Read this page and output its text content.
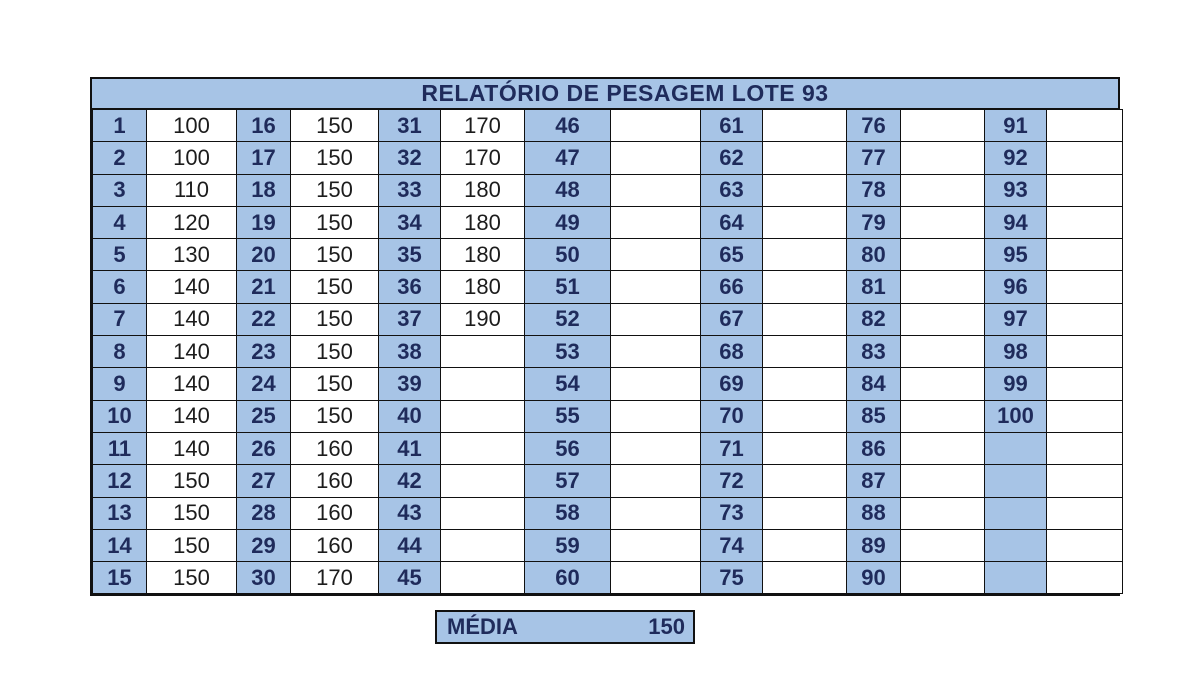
RELATÓRIO DE PESAGEM LOTE 93
1	100	16	150	31	170	46		61		76		91	
2	100	17	150	32	170	47		62		77		92	
3	110	18	150	33	180	48		63		78		93	
4	120	19	150	34	180	49		64		79		94	
5	130	20	150	35	180	50		65		80		95	
6	140	21	150	36	180	51		66		81		96	
7	140	22	150	37	190	52		67		82		97	
8	140	23	150	38		53		68		83		98	
9	140	24	150	39		54		69		84		99	
10	140	25	150	40		55		70		85		100	
11	140	26	160	41		56		71		86			
12	150	27	160	42		57		72		87			
13	150	28	160	43		58		73		88			
14	150	29	160	44		59		74		89			
15	150	30	170	45		60		75		90			
MÉDIA	150
